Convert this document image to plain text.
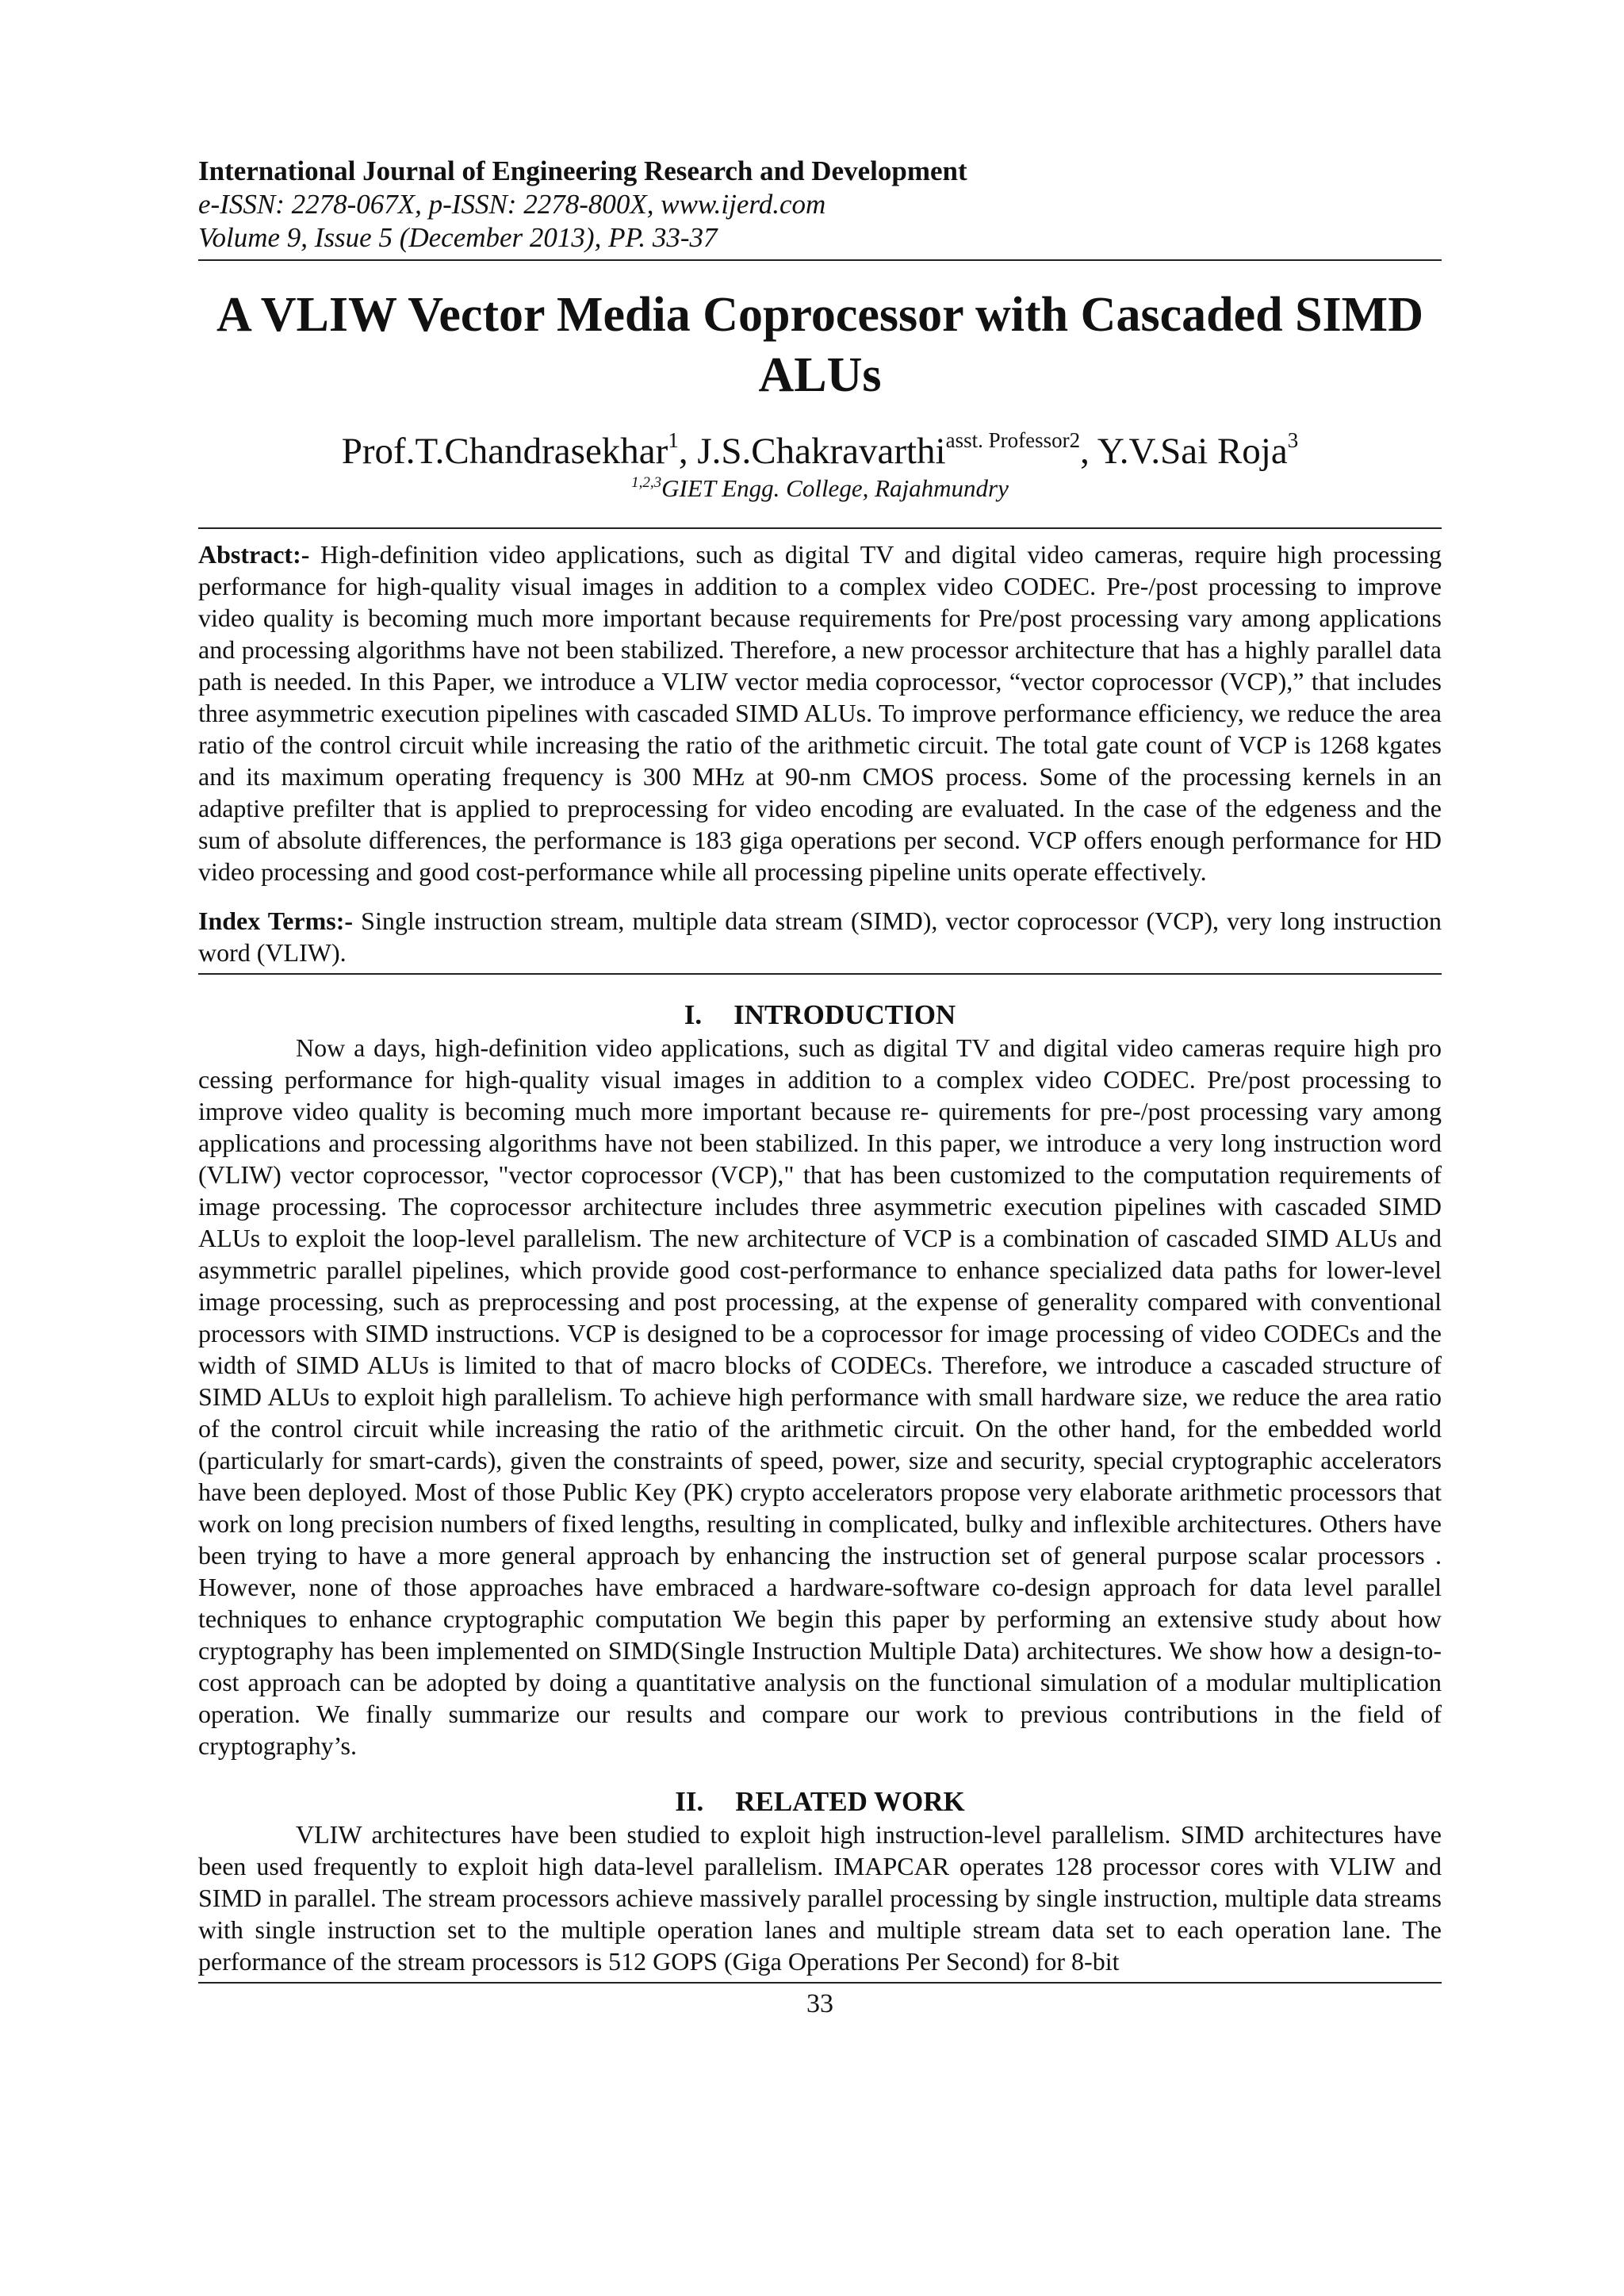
International Journal of Engineering Research and Development

e-ISSN: 2278-067X, p-ISSN: 2278-800X, www.ijerd.com

Volume 9, Issue 5 (December 2013), PP. 33-37

A VLIW Vector Media Coprocessor with Cascaded SIMD ALUs

Prof.T.Chandrasekhar$^1$, J.S.Chakravarthi$^{asst. Professor2}$, Y.V.Sai Roja$^3$

$^{1,2,3}$GIET Engg. College, Rajahmundry

Abstract:- High-definition video applications, such as digital TV and digital video cameras, require high processing performance for high-quality visual images in addition to a complex video CODEC. Pre-/post processing to improve video quality is becoming much more important because requirements for Pre/post processing vary among applications and processing algorithms have not been stabilized. Therefore, a new processor architecture that has a highly parallel data path is needed. In this Paper, we introduce a VLIW vector media coprocessor, “vector coprocessor (VCP),” that includes three asymmetric execution pipelines with cascaded SIMD ALUs. To improve performance efficiency, we reduce the area ratio of the control circuit while increasing the ratio of the arithmetic circuit. The total gate count of VCP is 1268 kgates and its maximum operating frequency is 300 MHz at 90-nm CMOS process. Some of the processing kernels in an adaptive prefilter that is applied to preprocessing for video encoding are evaluated. In the case of the edgeness and the sum of absolute differences, the performance is 183 giga operations per second. VCP offers enough performance for HD video processing and good cost-performance while all processing pipeline units operate effectively.

Index Terms:- Single instruction stream, multiple data stream (SIMD), vector coprocessor (VCP), very long instruction word (VLIW).

I. INTRODUCTION

Now a days, high-definition video applications, such as digital TV and digital video cameras require high pro cessing performance for high-quality visual images in addition to a complex video CODEC. Pre/post processing to improve video quality is becoming much more important because re- quirements for pre-/post processing vary among applications and processing algorithms have not been stabilized. In this paper, we introduce a very long instruction word (VLIW) vector coprocessor, "vector coprocessor (VCP)," that has been customized to the computation requirements of image processing. The coprocessor architecture includes three asymmetric execution pipelines with cascaded SIMD ALUs to exploit the loop-level parallelism. The new architecture of VCP is a combination of cascaded SIMD ALUs and asymmetric parallel pipelines, which provide good cost-performance to enhance specialized data paths for lower-level image processing, such as preprocessing and post processing, at the expense of generality compared with conventional processors with SIMD instructions. VCP is designed to be a coprocessor for image processing of video CODECs and the width of SIMD ALUs is limited to that of macro blocks of CODECs. Therefore, we introduce a cascaded structure of SIMD ALUs to exploit high parallelism. To achieve high performance with small hardware size, we reduce the area ratio of the control circuit while increasing the ratio of the arithmetic circuit. On the other hand, for the embedded world (particularly for smart-cards), given the constraints of speed, power, size and security, special cryptographic accelerators have been deployed. Most of those Public Key (PK) crypto accelerators propose very elaborate arithmetic processors that work on long precision numbers of fixed lengths, resulting in complicated, bulky and inflexible architectures. Others have been trying to have a more general approach by enhancing the instruction set of general purpose scalar processors . However, none of those approaches have embraced a hardware-software co-design approach for data level parallel techniques to enhance cryptographic computation We begin this paper by performing an extensive study about how cryptography has been implemented on SIMD(Single Instruction Multiple Data) architectures. We show how a design-to-cost approach can be adopted by doing a quantitative analysis on the functional simulation of a modular multiplication operation. We finally summarize our results and compare our work to previous contributions in the field of cryptography’s.

II. RELATED WORK

VLIW architectures have been studied to exploit high instruction-level parallelism. SIMD architectures have been used frequently to exploit high data-level parallelism. IMAPCAR operates 128 processor cores with VLIW and SIMD in parallel. The stream processors achieve massively parallel processing by single instruction, multiple data streams with single instruction set to the multiple operation lanes and multiple stream data set to each operation lane. The performance of the stream processors is 512 GOPS (Giga Operations Per Second) for 8-bit

33
